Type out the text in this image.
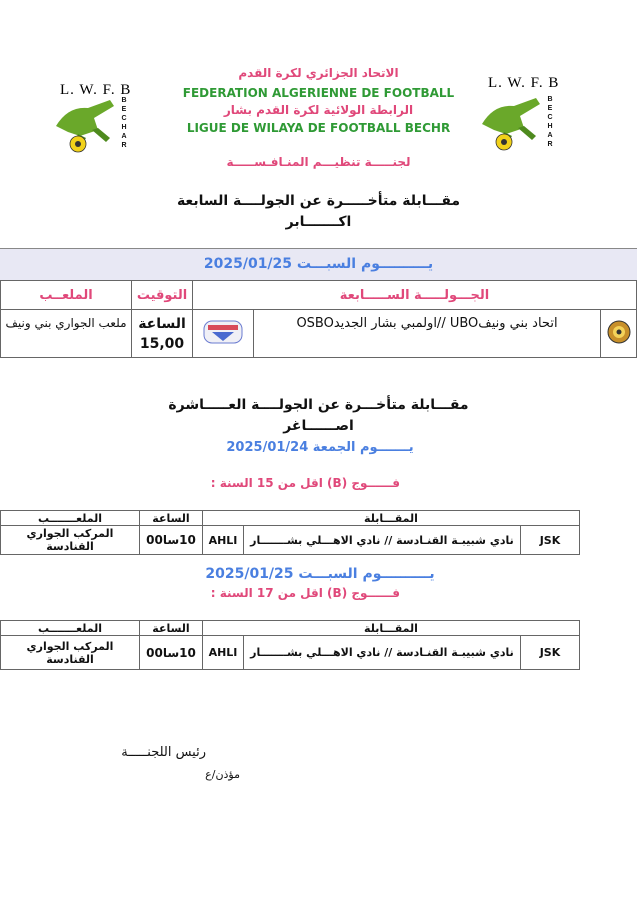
L. W. F. B
B
E
C
H
A
R
L. W. F. B
B
E
C
H
A
R
الاتحاد الجزائري لكرة القدم
FEDERATION ALGERIENNE DE FOOTBALL
الرابطة الولائية لكرة القدم بشار
LIGUE DE WILAYA DE FOOTBALL BECHR
لجنـــــة تنظيـــم المنـافـســـــة
مقـــابلة متأخـــــرة عن الجولــــة السابعة
اكـــــــابر
يــــــــــوم السبـــت 2025/01/25
الجـــولـــــة الســـــابعة			التوقيت	الملعــب
	اتحاد بني ونيفUBO //اولمبي بشار الجديدOSBO		الساعة
15,00	ملعب الجواري بني ونيف
مقـــابلة متأخـــرة عن الجولــــة العـــــاشرة
اصــــــاغر
يـــــــوم الجمعة 2025/01/24
فــــــوج (B) اقل من 15 السنة :
المقـــابلة			الساعة	الملعـــــــب
JSK	نادي شبيبـة القنـادسة // نادي الاهـــلي بشـــــــار	AHLI	10سا00	المركب الجواري القنادسة
يــــــــــوم السبـــت 2025/01/25
فــــــوج (B) اقل من 17 السنة :
المقـــابلة			الساعة	الملعـــــــب
JSK	نادي شبيبـة القنـادسة // نادي الاهـــلي بشـــــــار	AHLI	10سا00	المركب الجواري القنادسة
رئيس اللجنـــــة
مؤذن/ع
